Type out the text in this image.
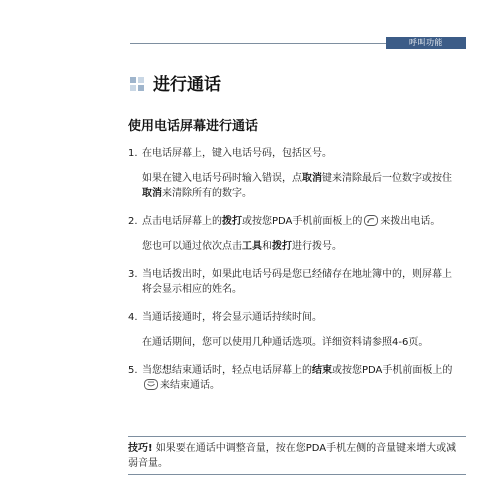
呼叫功能
进行通话
使用电话屏幕进行通话
1. 在电话屏幕上，键入电话号码，包括区号。

如果在键入电话号码时输入错误，点取消键来清除最后一位数字或按住取消来清除所有的数字。

2. 点击电话屏幕上的拨打或按您PDA手机前面板上的 来拨出电话。

您也可以通过依次点击工具和拨打进行拨号。

3. 当电话拨出时，如果此电话号码是您已经储存在地址簿中的，则屏幕上将会显示相应的姓名。

4. 当通话接通时，将会显示通话持续时间。

在通话期间，您可以使用几种通话选项。详细资料请参照4-6页。

5. 当您想结束通话时，轻点电话屏幕上的结束或按您PDA手机前面板上的来结束通话。

技巧! 如果要在通话中调整音量，按在您PDA手机左侧的音量键来增大或减弱音量。
